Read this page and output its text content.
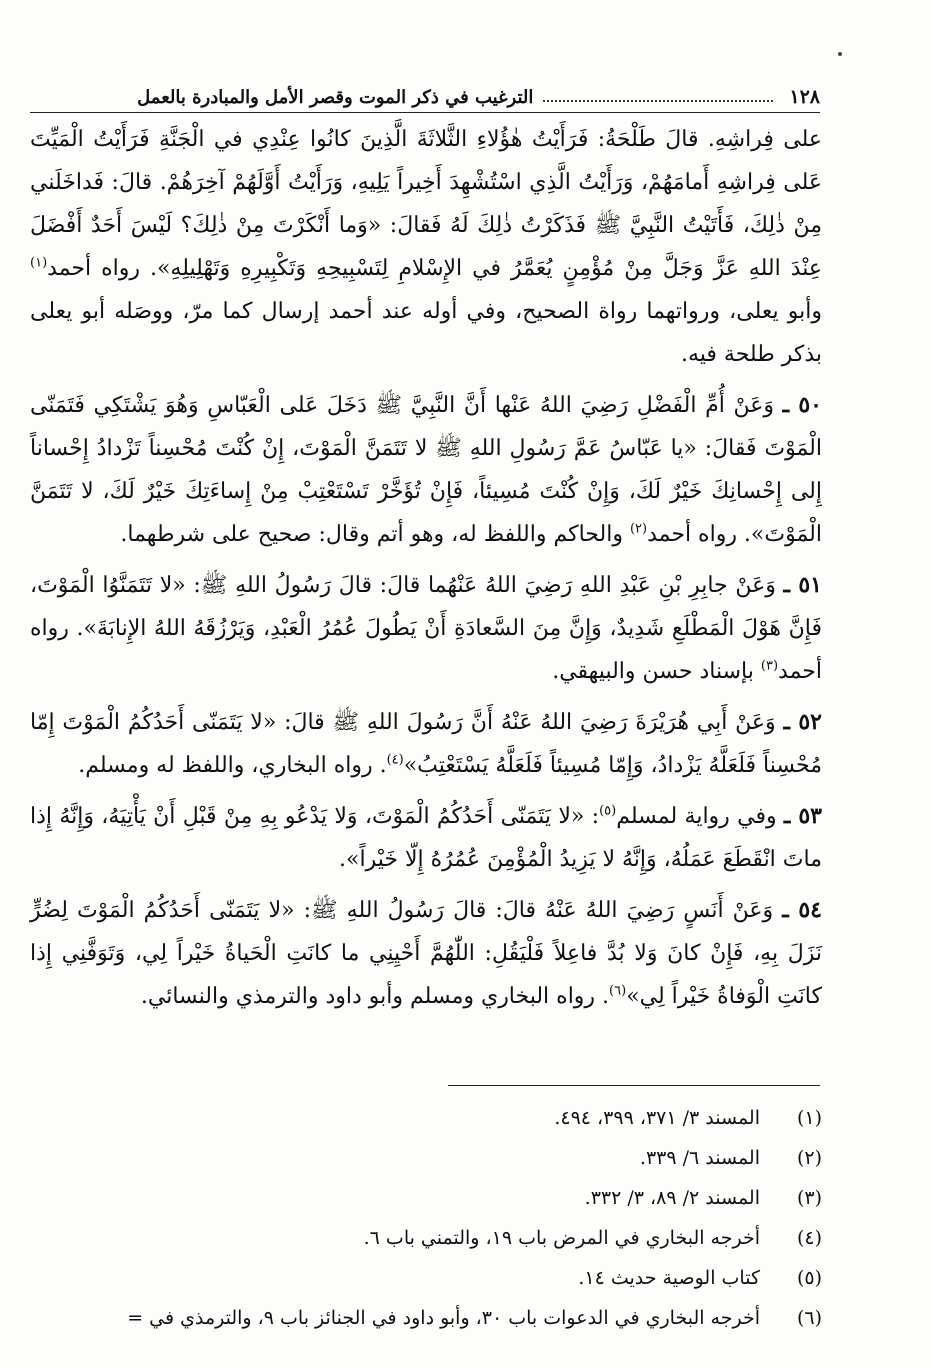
١٢٨
الترغيب في ذكر الموت وقصر الأمل والمبادرة بالعمل

على فِراشِهِ. قالَ طَلْحَةُ: فَرَأَيْتُ هٰؤُلاءِ الثَّلاثَةَ الَّذِينَ كانُوا عِنْدِي في الْجَنَّةِ فَرَأَيْتُ الْمَيِّتَ عَلى فِراشِهِ أَمامَهُمْ، وَرَأَيْتُ الَّذِي اسْتُشْهِدَ أَخِيراً يَلِيهِ، وَرَأَيْتُ أَوَّلَهُمْ آخِرَهُمْ. قالَ: فَداخَلَني مِنْ ذٰلِكَ، فَأَتَيْتُ النَّبِيَّ ﷺ فَذَكَرْتُ ذٰلِكَ لَهُ فَقالَ: «وَما أَنْكَرْتَ مِنْ ذٰلِكَ؟ لَيْسَ أَحَدٌ أَفْضَلَ عِنْدَ اللهِ عَزَّ وَجَلَّ مِنْ مُؤْمِنٍ يُعَمَّرُ في الإِسْلامِ لِتَسْبِيحِهِ وَتَكْبِيرِهِ وَتَهْلِيلِهِ». رواه أحمد$^{(١)}$ وأبو يعلى، ورواتهما رواة الصحيح، وفي أوله عند أحمد إرسال كما مرّ، ووصَله أبو يعلى بذكر طلحة فيه.

٥٠ ـ وَعَنْ أُمِّ الْفَضْلِ رَضِيَ اللهُ عَنْها أَنَّ النَّبِيَّ ﷺ دَخَلَ عَلى الْعَبّاسِ وَهُوَ يَشْتَكِي فَتَمَنّى الْمَوْتَ فَقالَ: «يا عَبّاسُ عَمَّ رَسُولِ اللهِ ﷺ لا تَتَمَنَّ الْمَوْتَ، إِنْ كُنْتَ مُحْسِناً تَزْدادُ إِحْساناً إِلى إِحْسانِكَ خَيْرٌ لَكَ، وَإِنْ كُنْتَ مُسِيئاً، فَإِنْ تُؤَخَّرْ تَسْتَعْتِبْ مِنْ إِساءَتِكَ خَيْرٌ لَكَ، لا تَتَمَنَّ الْمَوْتَ». رواه أحمد$^{(٢)}$ والحاكم واللفظ له، وهو أتم وقال: صحيح على شرطهما.

٥١ ـ وَعَنْ جابِرِ بْنِ عَبْدِ اللهِ رَضِيَ اللهُ عَنْهُما قالَ: قالَ رَسُولُ اللهِ ﷺ: «لا تَتَمَنَّوُا الْمَوْتَ، فَإِنَّ هَوْلَ الْمَطْلَعِ شَدِيدٌ، وَإِنَّ مِنَ السَّعادَةِ أَنْ يَطُولَ عُمُرُ الْعَبْدِ، وَيَرْزُقَهُ اللهُ الإِنابَةَ». رواه أحمد$^{(٣)}$ بإسناد حسن والبيهقي.

٥٢ ـ وَعَنْ أَبِي هُرَيْرَةَ رَضِيَ اللهُ عَنْهُ أَنَّ رَسُولَ اللهِ ﷺ قالَ: «لا يَتَمَنّى أَحَدُكُمُ الْمَوْتَ إِمّا مُحْسِناً فَلَعَلَّهُ يَزْدادُ، وَإِمّا مُسِيئاً فَلَعَلَّهُ يَسْتَعْتِبُ»$^{(٤)}$. رواه البخاري، واللفظ له ومسلم.

٥٣ ـ وفي رواية لمسلم$^{(٥)}$: «لا يَتَمَنّى أَحَدُكُمُ الْمَوْتَ، وَلا يَدْعُو بِهِ مِنْ قَبْلِ أَنْ يَأْتِيَهُ، وَإِنَّهُ إِذا ماتَ انْقَطَعَ عَمَلُهُ، وَإِنَّهُ لا يَزِيدُ الْمُؤْمِنَ عُمُرُهُ إِلّا خَيْراً».

٥٤ ـ وَعَنْ أَنَسٍ رَضِيَ اللهُ عَنْهُ قالَ: قالَ رَسُولُ اللهِ ﷺ: «لا يَتَمَنّى أَحَدُكُمُ الْمَوْتَ لِضُرٍّ نَزَلَ بِهِ، فَإِنْ كانَ وَلا بُدَّ فاعِلاً فَلْيَقُلِ: اللّٰهُمَّ أَحْيِنِي ما كانَتِ الْحَياةُ خَيْراً لِي، وَتَوَفَّنِي إِذا كانَتِ الْوَفاةُ خَيْراً لِي»$^{(٦)}$. رواه البخاري ومسلم وأبو داود والترمذي والنسائي.

(١)
المسند ٣/ ٣٧١، ٣٩٩، ٤٩٤.
(٢)
المسند ٦/ ٣٣٩.
(٣)
المسند ٢/ ٨٩، ٣/ ٣٣٢.
(٤)
أخرجه البخاري في المرض باب ١٩، والتمني باب ٦.
(٥)
كتاب الوصية حديث ١٤.
(٦)
أخرجه البخاري في الدعوات باب ٣٠، وأبو داود في الجنائز باب ٩، والترمذي في =
